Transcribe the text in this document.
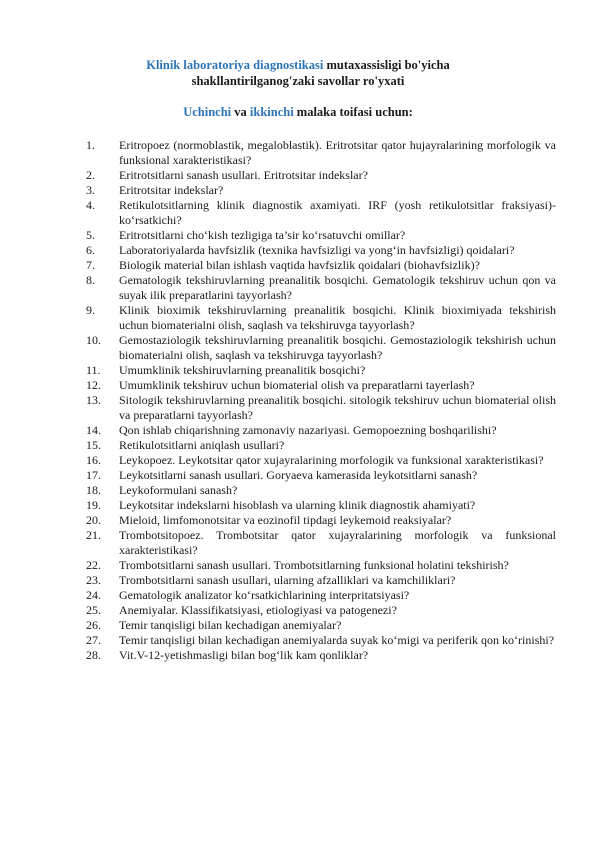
Klinik laboratoriya diagnostikasi mutaxassisligi bo'yicha
shakllantirilganog'zaki savollar ro'yxati
Uchinchi va ikkinchi malaka toifasi uchun:
1. Eritropoez (normoblastik, megaloblastik). Eritrotsitar qator hujayralarining morfologik va funksional xarakteristikasi?
2. Eritrotsitlarni sanash usullari. Eritrotsitar indekslar?
3. Eritrotsitar indekslar?
4. Retikulotsitlarning klinik diagnostik axamiyati. IRF (yosh retikulotsitlar fraksiyasi)-ko‘rsatkichi?
5. Eritrotsitlarni cho‘kish tezligiga ta’sir ko‘rsatuvchi omillar?
6. Laboratoriyalarda havfsizlik (texnika havfsizligi va yong‘in havfsizligi) qoidalari?
7. Biologik material bilan ishlash vaqtida havfsizlik qoidalari (biohavfsizlik)?
8. Gematologik tekshiruvlarning preanalitik bosqichi. Gematologik tekshiruv uchun qon va suyak ilik preparatlarini tayyorlash?
9. Klinik bioximik tekshiruvlarning preanalitik bosqichi. Klinik bioximiyada tekshirish uchun biomaterialni olish, saqlash va tekshiruvga tayyorlash?
10. Gemostaziologik tekshiruvlarning preanalitik bosqichi. Gemostaziologik tekshirish uchun biomaterialni olish, saqlash va tekshiruvga tayyorlash?
11. Umumklinik tekshiruvlarning preanalitik bosqichi?
12. Umumklinik tekshiruv uchun biomaterial olish va preparatlarni tayerlash?
13. Sitologik tekshiruvlarning preanalitik bosqichi. sitologik tekshiruv uchun biomaterial olish va preparatlarni tayyorlash?
14. Qon ishlab chiqarishning zamonaviy nazariyasi. Gemopoezning boshqarilishi?
15. Retikulotsitlarni aniqlash usullari?
16. Leykopoez. Leykotsitar qator xujayralarining morfologik va funksional xarakteristikasi?
17. Leykotsitlarni sanash usullari. Goryaeva kamerasida leykotsitlarni sanash?
18. Leykoformulani sanash?
19. Leykotsitar indekslarni hisoblash va ularning klinik diagnostik ahamiyati?
20. Mieloid, limfomonotsitar va eozinofil tipdagi leykemoid reaksiyalar?
21. Trombotsitopoez. Trombotsitar qator xujayralarining morfologik va funksional xarakteristikasi?
22. Trombotsitlarni sanash usullari. Trombotsitlarning funksional holatini tekshirish?
23. Trombotsitlarni sanash usullari, ularning afzalliklari va kamchiliklari?
24. Gematologik analizator ko‘rsatkichlarining interpritatsiyasi?
25. Anemiyalar. Klassifikatsiyasi, etiologiyasi va patogenezi?
26. Temir tanqisligi bilan kechadigan anemiyalar?
27. Temir tanqisligi bilan kechadigan anemiyalarda suyak ko‘migi va periferik qon ko‘rinishi?
28. Vit.V-12-yetishmasligi bilan bog‘lik kam qonliklar?
